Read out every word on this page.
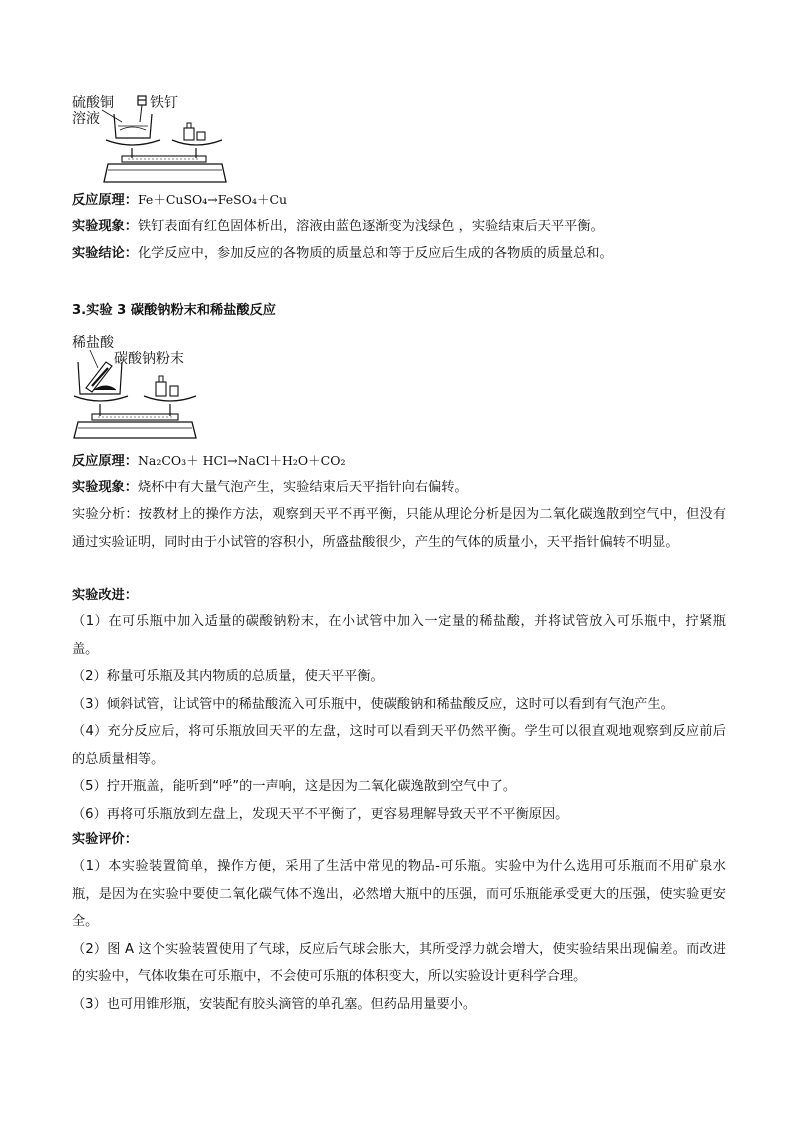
硫酸铜
溶液
铁钉
反应原理：Fe＋CuSO₄→FeSO₄＋Cu
实验现象：铁钉表面有红色固体析出，溶液由蓝色逐渐变为浅绿色 ，实验结束后天平平衡。
实验结论：化学反应中，参加反应的各物质的质量总和等于反应后生成的各物质的质量总和。
3.实验 3 碳酸钠粉末和稀盐酸反应
稀盐酸
碳酸钠粉末
反应原理：Na₂CO₃＋ HCl→NaCl＋H₂O＋CO₂
实验现象：烧杯中有大量气泡产生，实验结束后天平指针向右偏转。

实验分析：按教材上的操作方法，观察到天平不再平衡，只能从理论分析是因为二氧化碳逸散到空气中，但没有通过实验证明，同时由于小试管的容积小，所盛盐酸很少，产生的气体的质量小，天平指针偏转不明显。

实验改进：

（1）在可乐瓶中加入适量的碳酸钠粉末，在小试管中加入一定量的稀盐酸，并将试管放入可乐瓶中，拧紧瓶盖。

（2）称量可乐瓶及其内物质的总质量，使天平平衡。

（3）倾斜试管，让试管中的稀盐酸流入可乐瓶中，使碳酸钠和稀盐酸反应，这时可以看到有气泡产生。

（4）充分反应后，将可乐瓶放回天平的左盘，这时可以看到天平仍然平衡。学生可以很直观地观察到反应前后的总质量相等。

（5）拧开瓶盖，能听到“呼”的一声响，这是因为二氧化碳逸散到空气中了。

（6）再将可乐瓶放到左盘上，发现天平不平衡了，更容易理解导致天平不平衡原因。

实验评价：

（1）本实验装置简单，操作方便，采用了生活中常见的物品-可乐瓶。实验中为什么选用可乐瓶而不用矿泉水瓶，是因为在实验中要使二氧化碳气体不逸出，必然增大瓶中的压强，而可乐瓶能承受更大的压强，使实验更安全。

（2）图 A 这个实验装置使用了气球，反应后气球会胀大，其所受浮力就会增大，使实验结果出现偏差。而改进的实验中，气体收集在可乐瓶中，不会使可乐瓶的体积变大，所以实验设计更科学合理。

（3）也可用锥形瓶，安装配有胶头滴管的单孔塞。但药品用量要小。
